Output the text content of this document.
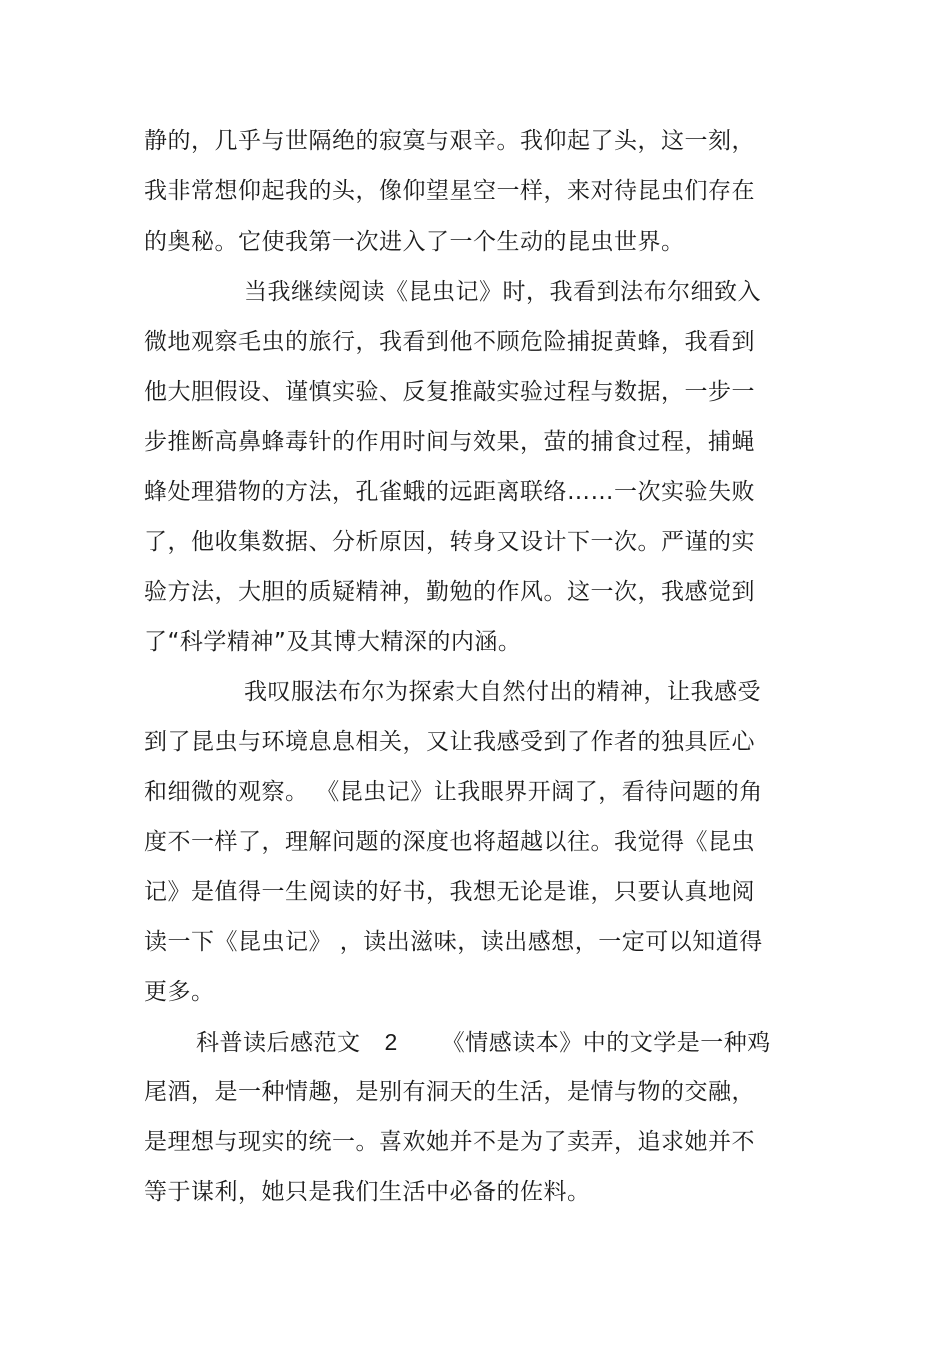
静的，几乎与世隔绝的寂寞与艰辛。我仰起了头，这一刻，
我非常想仰起我的头，像仰望星空一样，来对待昆虫们存在
的奥秘。它使我第一次进入了一个生动的昆虫世界。
当我继续阅读《昆虫记》时，我看到法布尔细致入
微地观察毛虫的旅行，我看到他不顾危险捕捉黄蜂，我看到
他大胆假设、谨慎实验、反复推敲实验过程与数据，一步一
步推断高鼻蜂毒针的作用时间与效果，萤的捕食过程，捕蝇
蜂处理猎物的方法，孔雀蛾的远距离联络……一次实验失败
了，他收集数据、分析原因，转身又设计下一次。严谨的实
验方法，大胆的质疑精神，勤勉的作风。这一次，我感觉到
了“科学精神”及其博大精深的内涵。
我叹服法布尔为探索大自然付出的精神，让我感受
到了昆虫与环境息息相关，又让我感受到了作者的独具匠心
和细微的观察。 《昆虫记》让我眼界开阔了，看待问题的角
度不一样了，理解问题的深度也将超越以往。我觉得《昆虫
记》是值得一生阅读的好书，我想无论是谁，只要认真地阅
读一下《昆虫记》 ，读出滋味，读出感想，一定可以知道得
更多。
科普读后感范文 2 《情感读本》中的文学是一种鸡
尾酒，是一种情趣，是别有洞天的生活，是情与物的交融，
是理想与现实的统一。喜欢她并不是为了卖弄，追求她并不
等于谋利，她只是我们生活中必备的佐料。
